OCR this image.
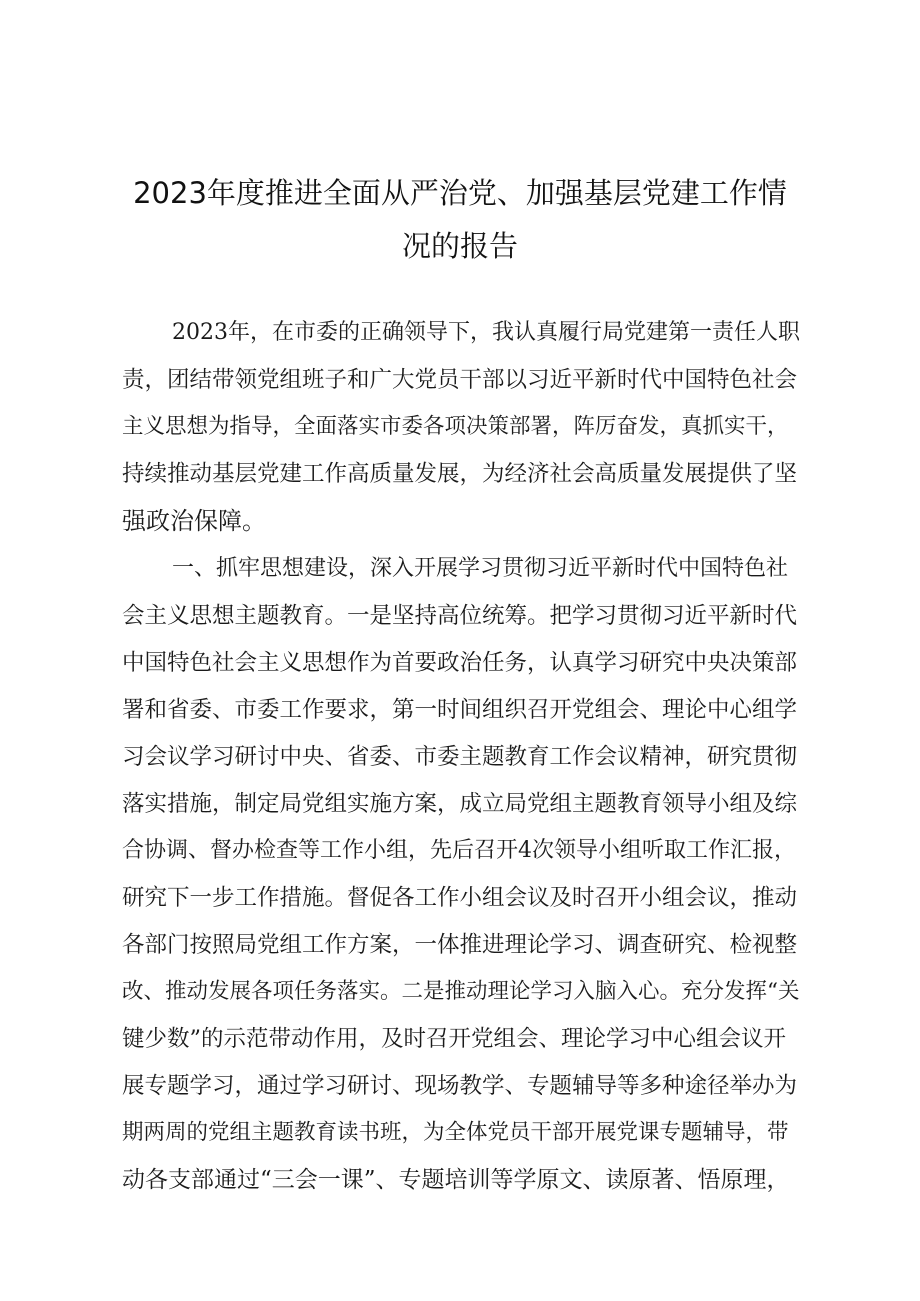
2023年度推进全面从严治党、加强基层党建工作情
况的报告

2023年，在市委的正确领导下，我认真履行局党建第一责任人职

责，团结带领党组班子和广大党员干部以习近平新时代中国特色社会

主义思想为指导，全面落实市委各项决策部署，阵厉奋发，真抓实干，

持续推动基层党建工作高质量发展，为经济社会高质量发展提供了坚

强政治保障。

一、抓牢思想建设，深入开展学习贯彻习近平新时代中国特色社

会主义思想主题教育。一是坚持高位统筹。把学习贯彻习近平新时代

中国特色社会主义思想作为首要政治任务，认真学习研究中央决策部

署和省委、市委工作要求，第一时间组织召开党组会、理论中心组学

习会议学习研讨中央、省委、市委主题教育工作会议精神，研究贯彻

落实措施，制定局党组实施方案，成立局党组主题教育领导小组及综

合协调、督办检查等工作小组，先后召开4次领导小组听取工作汇报，

研究下一步工作措施。督促各工作小组会议及时召开小组会议，推动

各部门按照局党组工作方案，一体推进理论学习、调查研究、检视整

改、推动发展各项任务落实。二是推动理论学习入脑入心。充分发挥“关

键少数”的示范带动作用，及时召开党组会、理论学习中心组会议开

展专题学习，通过学习研讨、现场教学、专题辅导等多种途径举办为

期两周的党组主题教育读书班，为全体党员干部开展党课专题辅导，带

动各支部通过“三会一课”、专题培训等学原文、读原著、悟原理，
